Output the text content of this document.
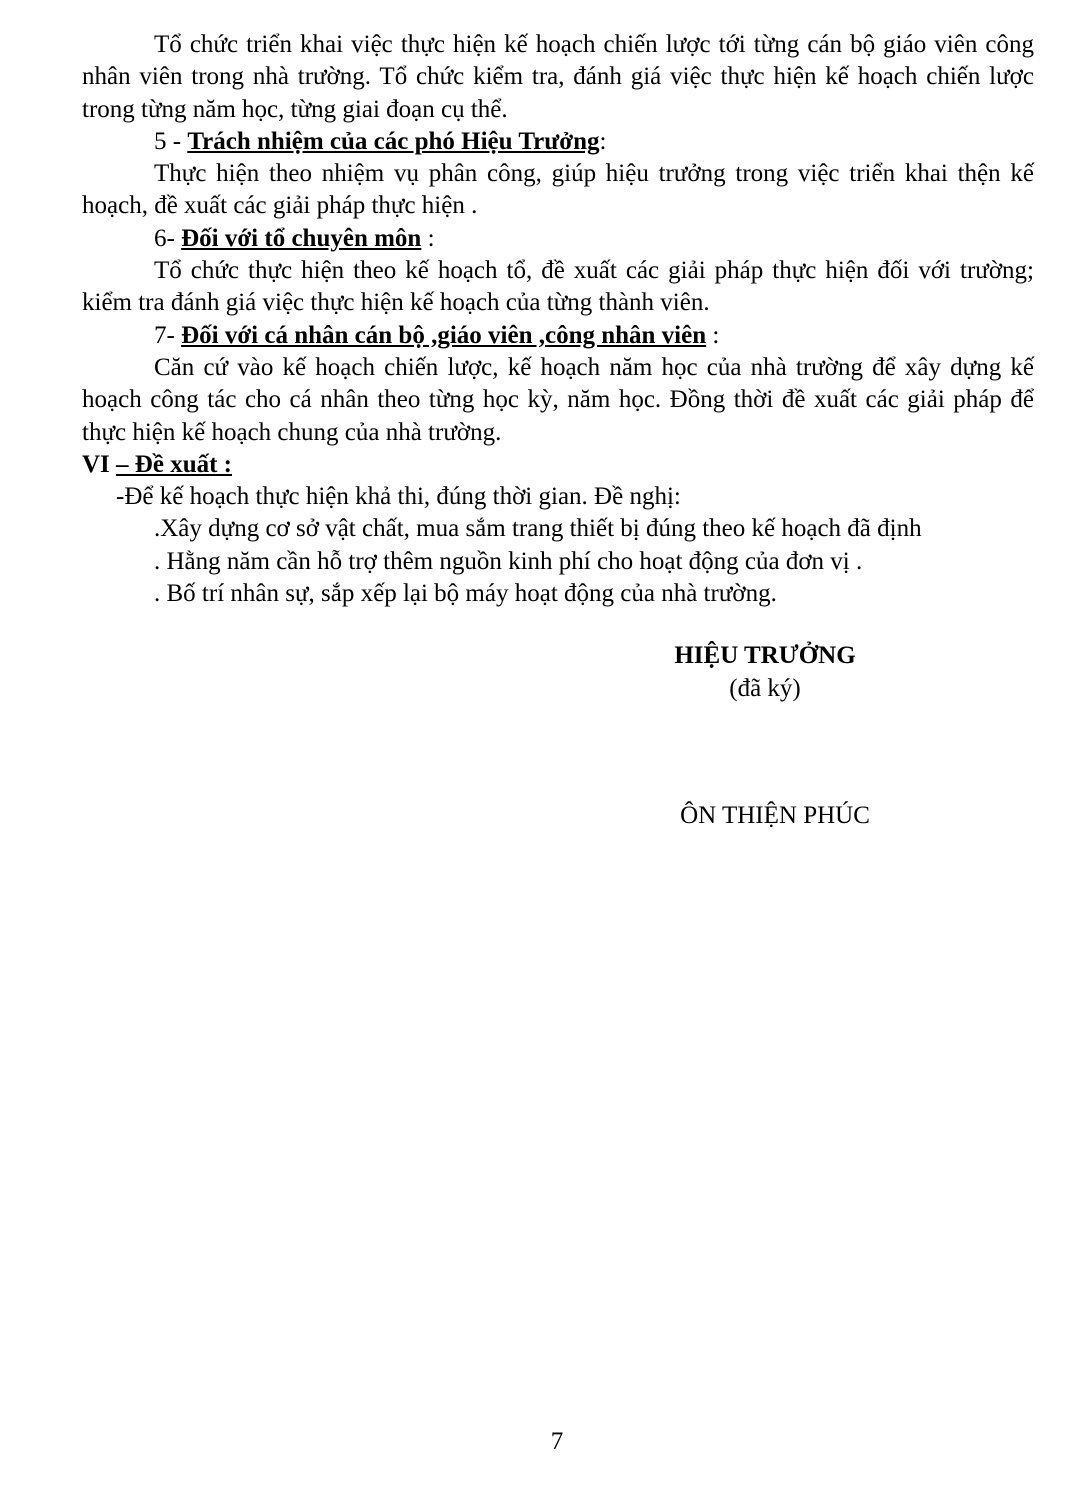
Tổ chức triển khai việc thực hiện kế hoạch chiến lược tới từng cán bộ giáo viên công nhân viên trong nhà trường. Tổ chức kiểm tra, đánh giá việc thực hiện kế hoạch chiến lược trong từng năm học, từng giai đoạn cụ thể.

5 - Trách nhiệm của các phó Hiệu Trưởng:

Thực hiện theo nhiệm vụ phân công, giúp hiệu trưởng trong việc triển khai thện kế hoạch, đề xuất các giải pháp thực hiện .

6- Đối với tổ chuyên môn :

Tổ chức thực hiện theo kế hoạch tổ, đề xuất các giải pháp thực hiện đối với trường; kiểm tra đánh giá việc thực hiện kế hoạch của từng thành viên.

7- Đối với cá nhân cán bộ ,giáo viên ,công nhân viên :

Căn cứ vào kế hoạch chiến lược, kế hoạch năm học của nhà trường để xây dựng kế hoạch công tác cho cá nhân theo từng học kỳ, năm học. Đồng thời đề xuất các giải pháp để thực hiện kế hoạch chung của nhà trường.

VI – Đề xuất :

-Để kế hoạch thực hiện khả thi, đúng thời gian. Đề nghị:

.Xây dựng cơ sở vật chất, mua sắm trang thiết bị đúng theo kế hoạch đã định

. Hằng năm cần hỗ trợ thêm nguồn kinh phí cho hoạt động của đơn vị .

. Bố trí nhân sự, sắp xếp lại bộ máy hoạt động của nhà trường.

HIỆU TRƯỞNG
(đã ký)
ÔN THIỆN PHÚC
7
